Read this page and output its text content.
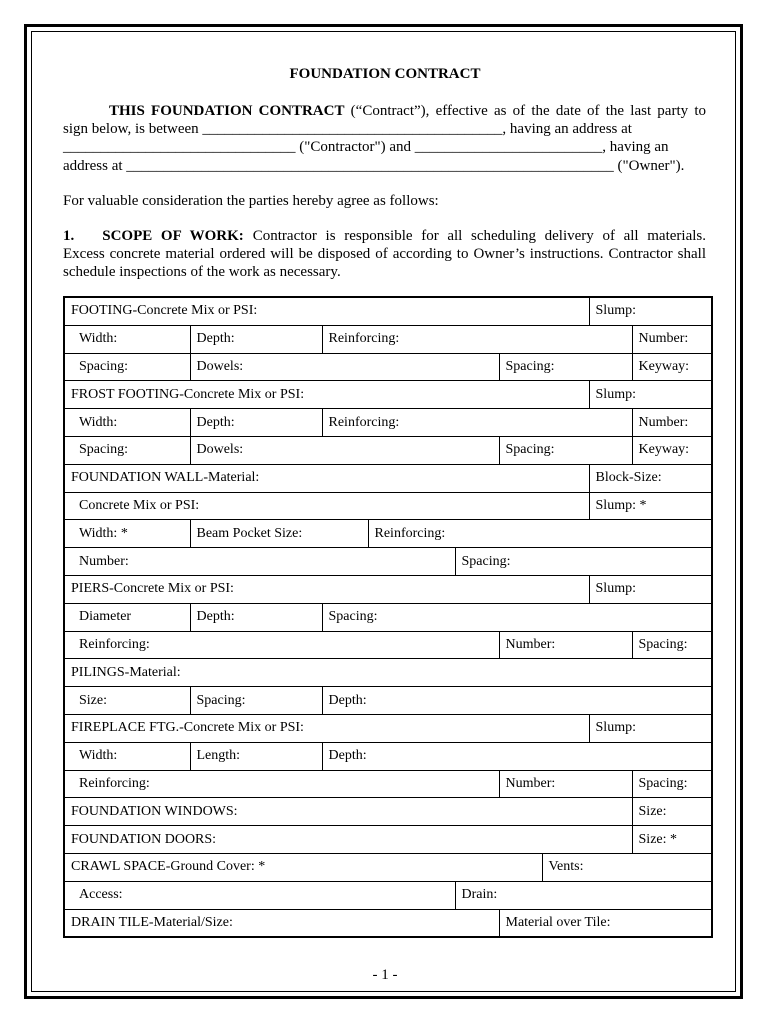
FOUNDATION CONTRACT
THIS FOUNDATION CONTRACT (“Contract”), effective as of the date of the last party to
sign below, is between ________________________________________, having an address at
_______________________________ ("Contractor") and _________________________, having an
address at _________________________________________________________________ ("Owner").
For valuable consideration the parties hereby agree as follows:
1. SCOPE OF WORK: Contractor is responsible for all scheduling delivery of all materials.
Excess concrete material ordered will be disposed of according to Owner’s instructions. Contractor shall
schedule inspections of the work as necessary.
FOOTING-Concrete Mix or PSI:							Slump:	
Width:	Depth:	Reinforcing:						Number:
Spacing:	Dowels:				Spacing:			Keyway:
FROST FOOTING-Concrete Mix or PSI:							Slump:	
Width:	Depth:	Reinforcing:						Number:
Spacing:	Dowels:				Spacing:			Keyway:
FOUNDATION WALL-Material:							Block-Size:	
Concrete Mix or PSI:							Slump: *	
Width: *	Beam Pocket Size:		Reinforcing:					
Number:				Spacing:				
PIERS-Concrete Mix or PSI:							Slump:	
Diameter	Depth:	Spacing:						
Reinforcing:					Number:			Spacing:
PILINGS-Material:								
Size:	Spacing:	Depth:						
FIREPLACE FTG.-Concrete Mix or PSI:							Slump:	
Width:	Length:	Depth:						
Reinforcing:					Number:			Spacing:
FOUNDATION WINDOWS:								Size:
FOUNDATION DOORS:								Size: *
CRAWL SPACE-Ground Cover: *						Vents:		
Access:				Drain:				
DRAIN TILE-Material/Size:					Material over Tile:			
- 1 -
